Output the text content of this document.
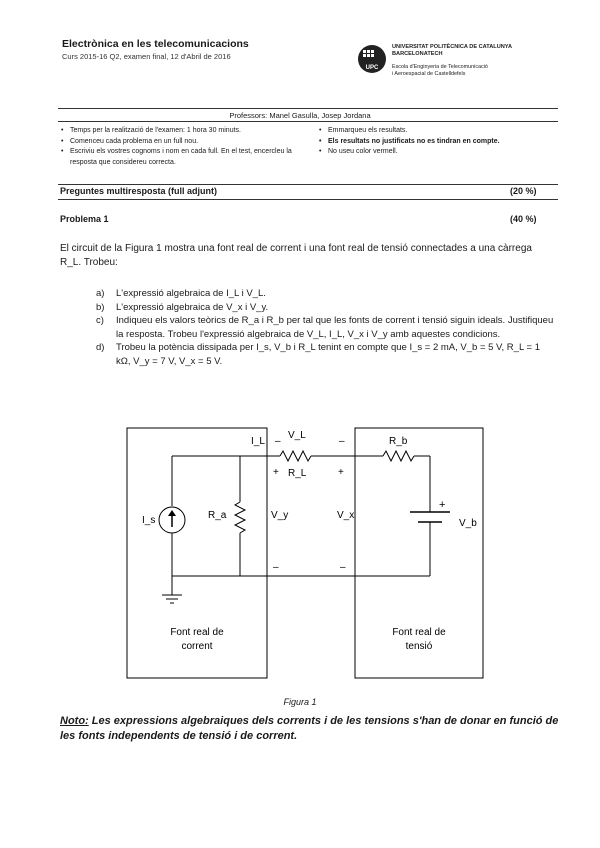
Electrònica en les telecomunicacions
Curs 2015-16 Q2, examen final, 12 d'Abril de 2016
UPC
UNIVERSITAT POLITÈCNICA DE CATALUNYA
BARCELONATECH
Escola d'Enginyeria de Telecomunicació
i Aeroespacial de Castelldefels
Professors: Manel Gasulla, Josep Jordana
• Temps per la realització de l'examen: 1 hora 30 minuts.
• Comenceu cada problema en un full nou.
• Escriviu els vostres cognoms i nom en cada full. En el test, encercleu la resposta que considereu correcta.
• Emmarqueu els resultats.
• Els resultats no justificats no es tindran en compte.
• No useu color vermell.
Preguntes multiresposta (full adjunt)	(20 %)
Problema 1	(40 %)
El circuit de la Figura 1 mostra una font real de corrent i una font real de tensió connectades a una càrrega R_L. Trobeu:
a)	L'expressió algebraica de I_L i V_L.
b)	L'expressió algebraica de V_x i V_y.
c)	Indiqueu els valors teòrics de R_a i R_b per tal que les fonts de corrent i tensió siguin ideals. Justifiqueu la resposta. Trobeu l'expressió algebraica de V_L, I_L, V_x i V_y amb aquestes condicions.
d)	Trobeu la potència dissipada per I_s, V_b i R_L tenint en compte que I_s = 2 mA, V_b = 5 V, R_L = 1 kΩ, V_y = 7 V, V_x = 5 V.
I_L
V_L
–	–
+	+
R_L
R_b
R_a	V_y	V_x
V_b
I_s
+
–	–
Font real de
corrent
Font real de
tensió
Figura 1
Noto: Les expressions algebraiques dels corrents i de les tensions s'han de donar en funció de les fonts independents de tensió i de corrent.
